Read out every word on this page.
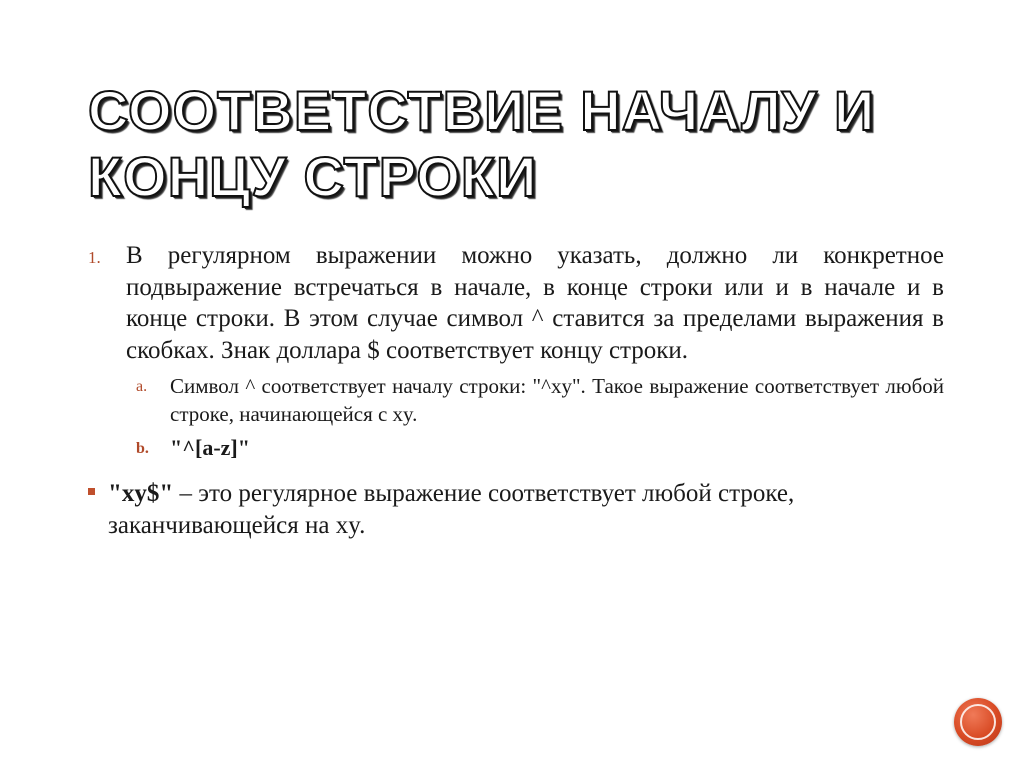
СООТВЕТСТВИЕ НАЧАЛУ И
КОНЦУ СТРОКИ
1. В регулярном выражении можно указать, должно ли конкретное подвыражение встречаться в начале, в конце строки или и в начале и в конце строки. В этом случае символ ^ ставится за пределами выражения в скобках. Знак доллара $ соответствует концу строки.
a. Символ ^ соответствует началу строки: "^xy". Такое выражение соответствует любой строке, начинающейся с xy.
b. "^[a-z]"
"xy$" – это регулярное выражение соответствует любой строке, заканчивающейся на xy.
